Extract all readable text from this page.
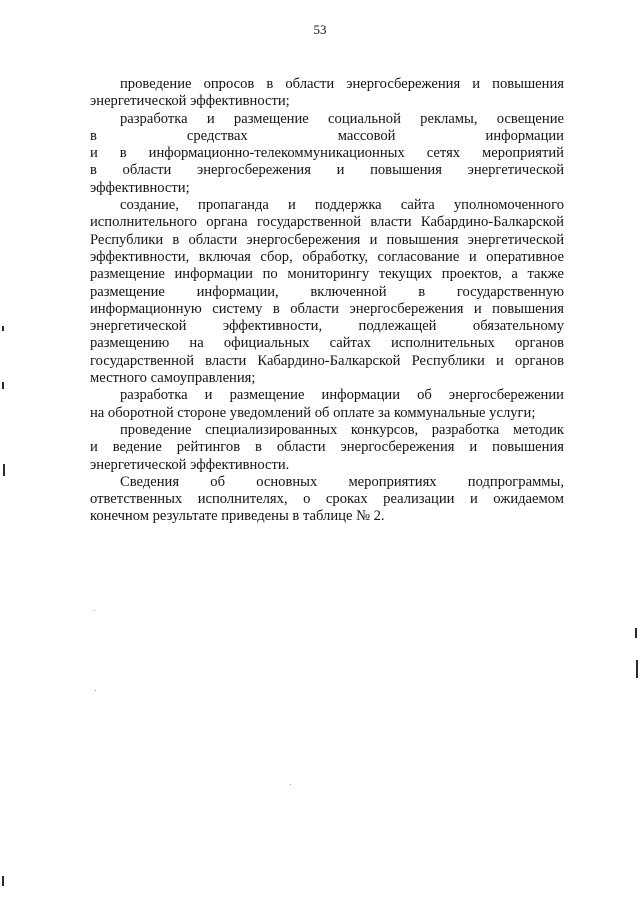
53
проведение опросов в области энергосбережения и повышения
энергетической эффективности;
разработка и размещение социальной рекламы, освещение
в средствах массовой информации
и в информационно-телекоммуникационных сетях мероприятий
в области энергосбережения и повышения энергетической
эффективности;
создание, пропаганда и поддержка сайта уполномоченного
исполнительного органа государственной власти Кабардино-Балкарской
Республики в области энергосбережения и повышения энергетической
эффективности, включая сбор, обработку, согласование и оперативное
размещение информации по мониторингу текущих проектов, а также
размещение информации, включенной в государственную
информационную систему в области энергосбережения и повышения
энергетической эффективности, подлежащей обязательному
размещению на официальных сайтах исполнительных органов
государственной власти Кабардино-Балкарской Республики и органов
местного самоуправления;
разработка и размещение информации об энергосбережении
на оборотной стороне уведомлений об оплате за коммунальные услуги;
проведение специализированных конкурсов, разработка методик
и ведение рейтингов в области энергосбережения и повышения
энергетической эффективности.
Сведения об основных мероприятиях подпрограммы,
ответственных исполнителях, о сроках реализации и ожидаемом
конечном результате приведены в таблице № 2.
